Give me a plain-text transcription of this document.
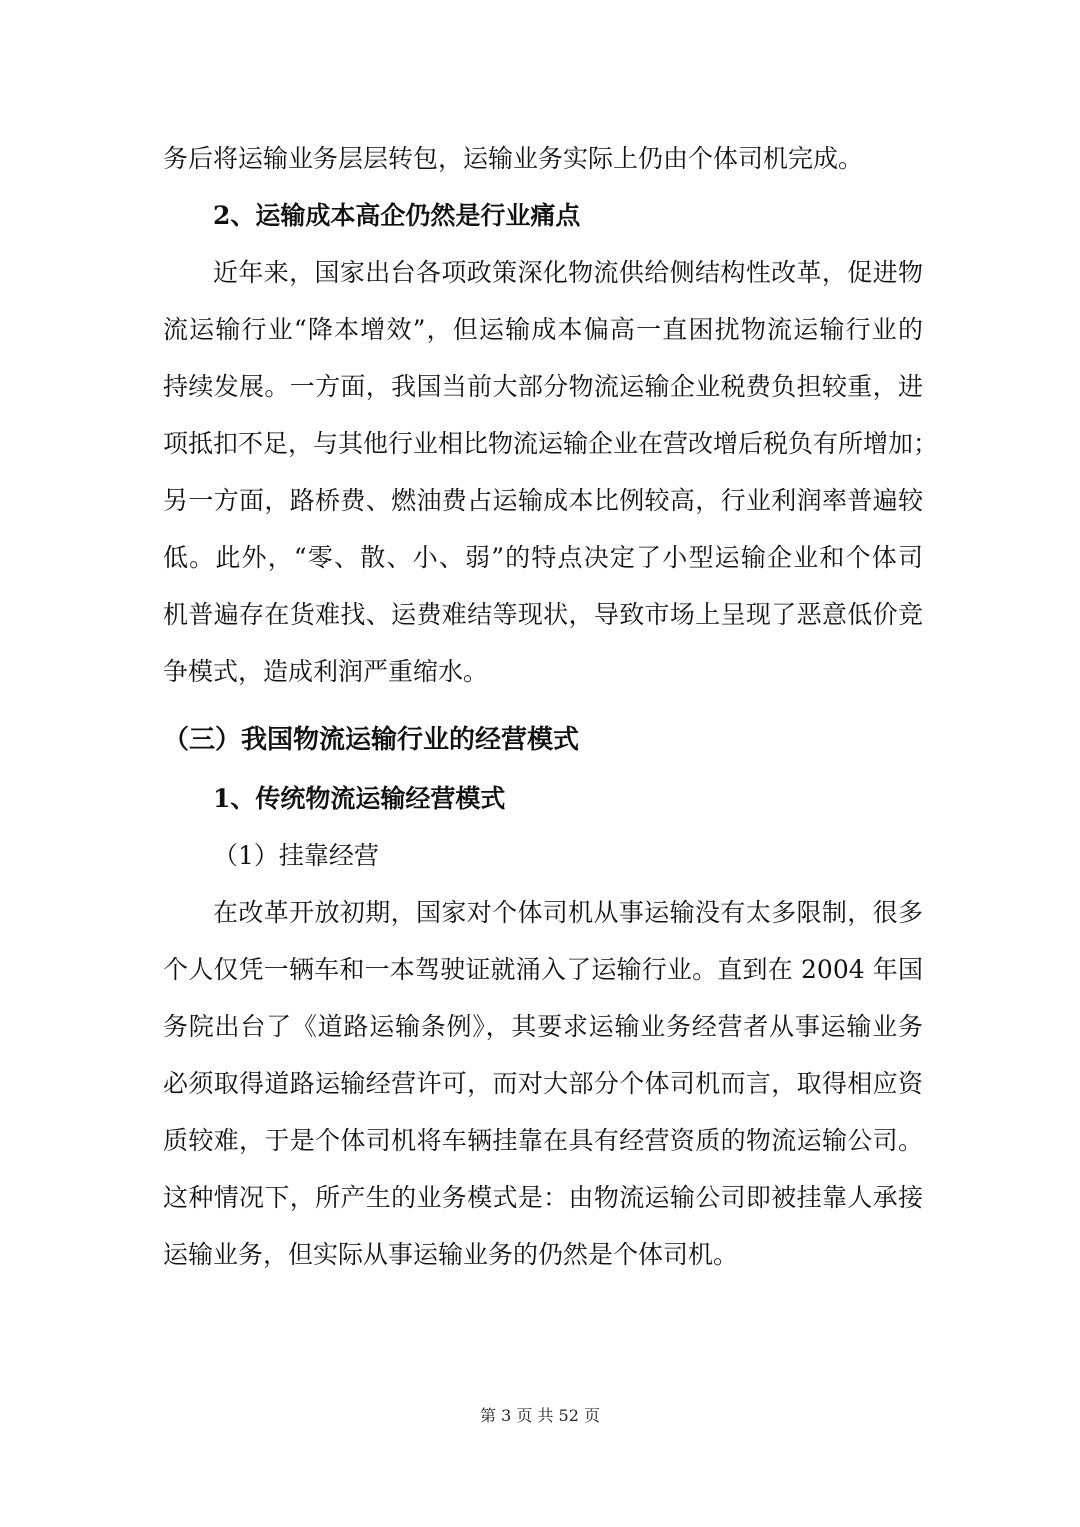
务后将运输业务层层转包，运输业务实际上仍由个体司机完成。
2、运输成本高企仍然是行业痛点
近年来，国家出台各项政策深化物流供给侧结构性改革，促进物
流运输行业“降本增效”，但运输成本偏高一直困扰物流运输行业的
持续发展。一方面，我国当前大部分物流运输企业税费负担较重，进
项抵扣不足，与其他行业相比物流运输企业在营改增后税负有所增加；
另一方面，路桥费、燃油费占运输成本比例较高，行业利润率普遍较
低。此外，“零、散、小、弱”的特点决定了小型运输企业和个体司
机普遍存在货难找、运费难结等现状，导致市场上呈现了恶意低价竞
争模式，造成利润严重缩水。
（三）我国物流运输行业的经营模式
1、传统物流运输经营模式
（1）挂靠经营
在改革开放初期，国家对个体司机从事运输没有太多限制，很多
个人仅凭一辆车和一本驾驶证就涌入了运输行业。直到在 2004 年国
务院出台了《道路运输条例》，其要求运输业务经营者从事运输业务
必须取得道路运输经营许可，而对大部分个体司机而言，取得相应资
质较难，于是个体司机将车辆挂靠在具有经营资质的物流运输公司。
这种情况下，所产生的业务模式是：由物流运输公司即被挂靠人承接
运输业务，但实际从事运输业务的仍然是个体司机。
第 3 页 共 52 页
